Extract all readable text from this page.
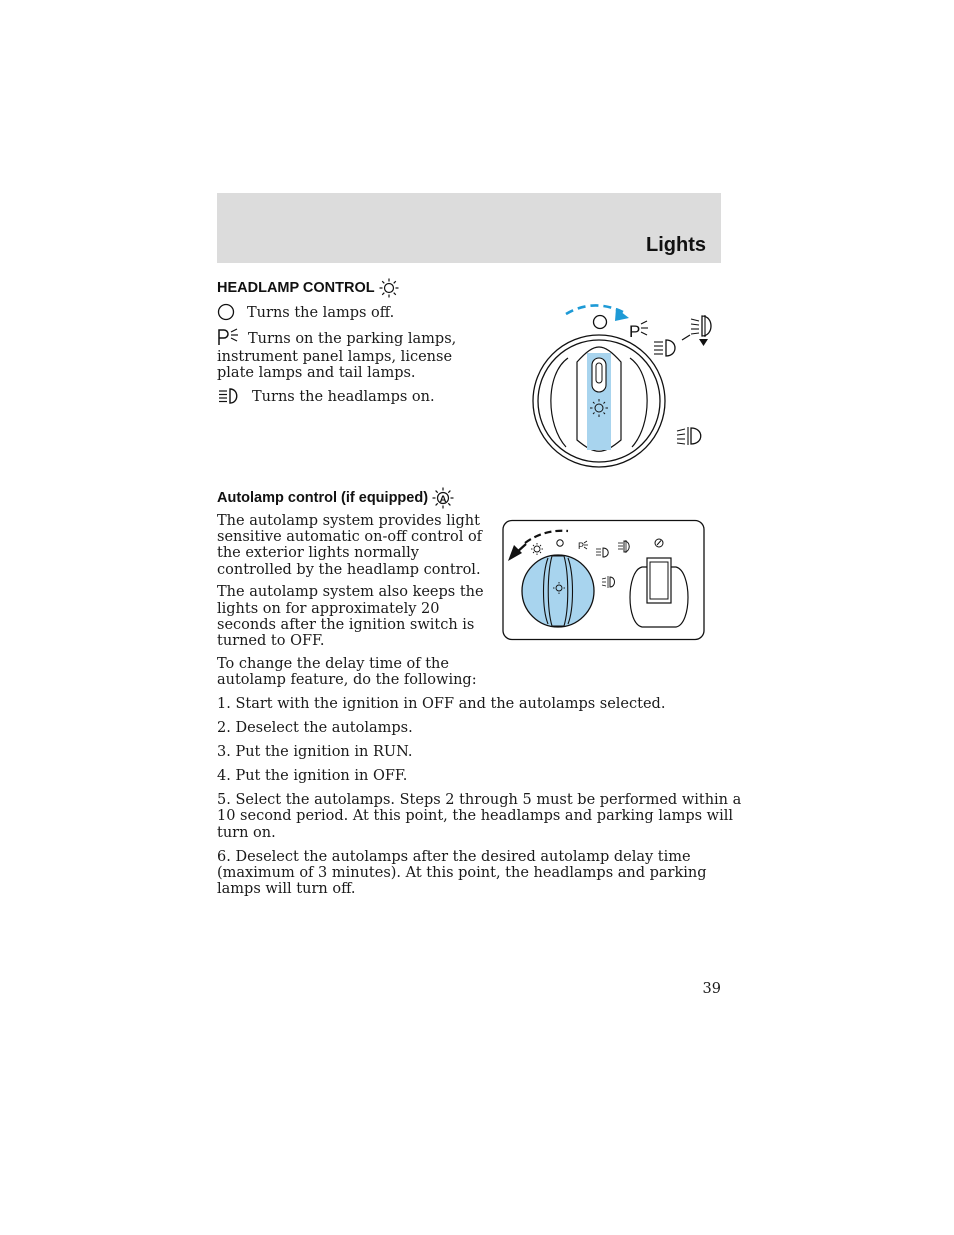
Lights
HEADLAMP CONTROL
Turns the lamps off.
Turns on the parking lamps,
instrument panel lamps, license
plate lamps and tail lamps.
Turns the headlamps on.
P
Autolamp control (if equipped) A
The autolamp system provides light
sensitive automatic on-off control of
the exterior lights normally
controlled by the headlamp control.
The autolamp system also keeps the
lights on for approximately 20
seconds after the ignition switch is
turned to OFF.
To change the delay time of the
autolamp feature, do the following:
1. Start with the ignition in OFF and the autolamps selected.
2. Deselect the autolamps.
3. Put the ignition in RUN.
4. Put the ignition in OFF.
5. Select the autolamps. Steps 2 through 5 must be performed within a
10 second period. At this point, the headlamps and parking lamps will
turn on.
6. Deselect the autolamps after the desired autolamp delay time
(maximum of 3 minutes). At this point, the headlamps and parking
lamps will turn off.
P
39
